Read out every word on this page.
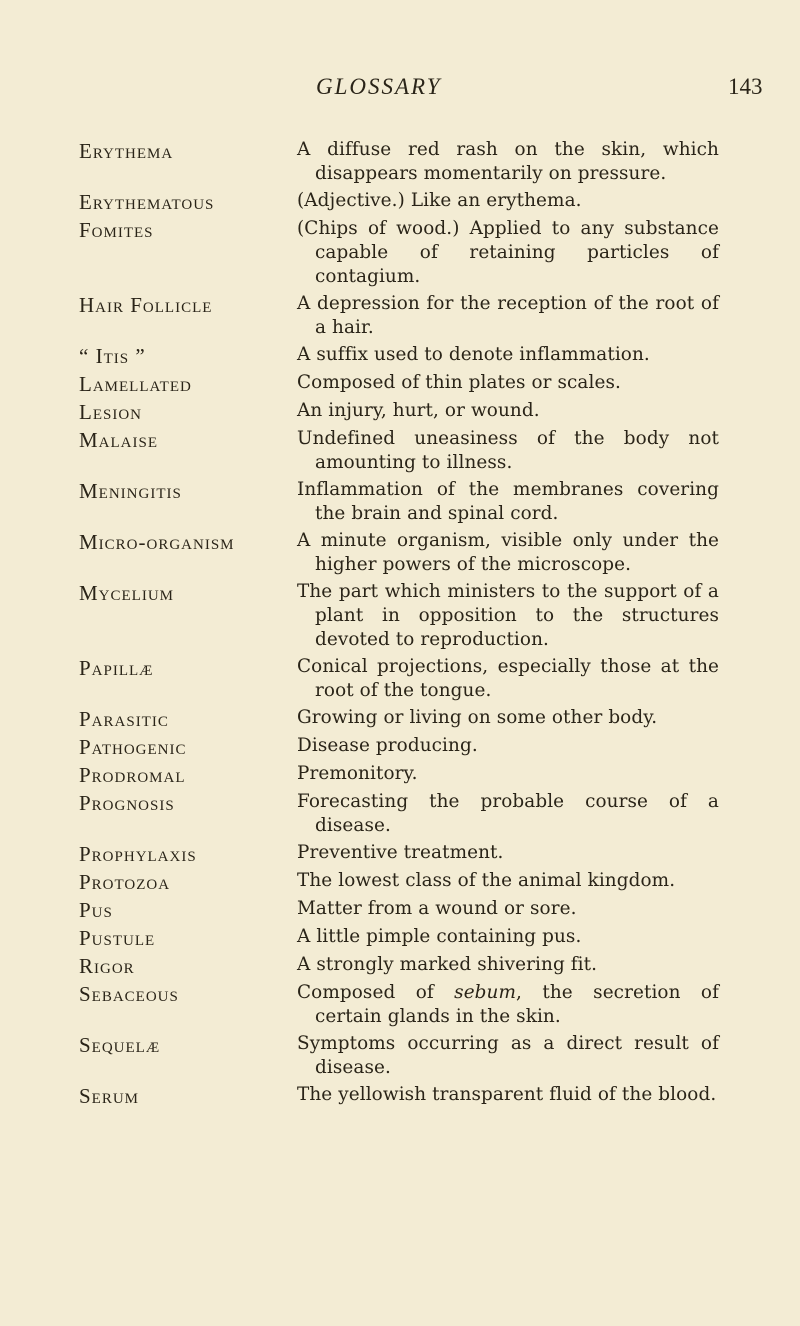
GLOSSARY	143
Erythema	A diffuse red rash on the skin, which disappears momentarily on pressure.
Erythematous	(Adjective.) Like an erythema.
Fomites	(Chips of wood.) Applied to any substance capable of retaining particles of contagium.
Hair Follicle	A depression for the reception of the root of a hair.
“ Itis ”	A suffix used to denote inflammation.
Lamellated	Composed of thin plates or scales.
Lesion	An injury, hurt, or wound.
Malaise	Undefined uneasiness of the body not amounting to illness.
Meningitis	Inflammation of the membranes covering the brain and spinal cord.
Micro-organism	A minute organism, visible only under the higher powers of the microscope.
Mycelium	The part which ministers to the support of a plant in opposition to the structures devoted to reproduction.
Papillæ	Conical projections, especially those at the root of the tongue.
Parasitic	Growing or living on some other body.
Pathogenic	Disease producing.
Prodromal	Premonitory.
Prognosis	Forecasting the probable course of a disease.
Prophylaxis	Preventive treatment.
Protozoa	The lowest class of the animal kingdom.
Pus	Matter from a wound or sore.
Pustule	A little pimple containing pus.
Rigor	A strongly marked shivering fit.
Sebaceous	Composed of sebum, the secretion of certain glands in the skin.
Sequelæ	Symptoms occurring as a direct result of disease.
Serum	The yellowish transparent fluid of the blood.
